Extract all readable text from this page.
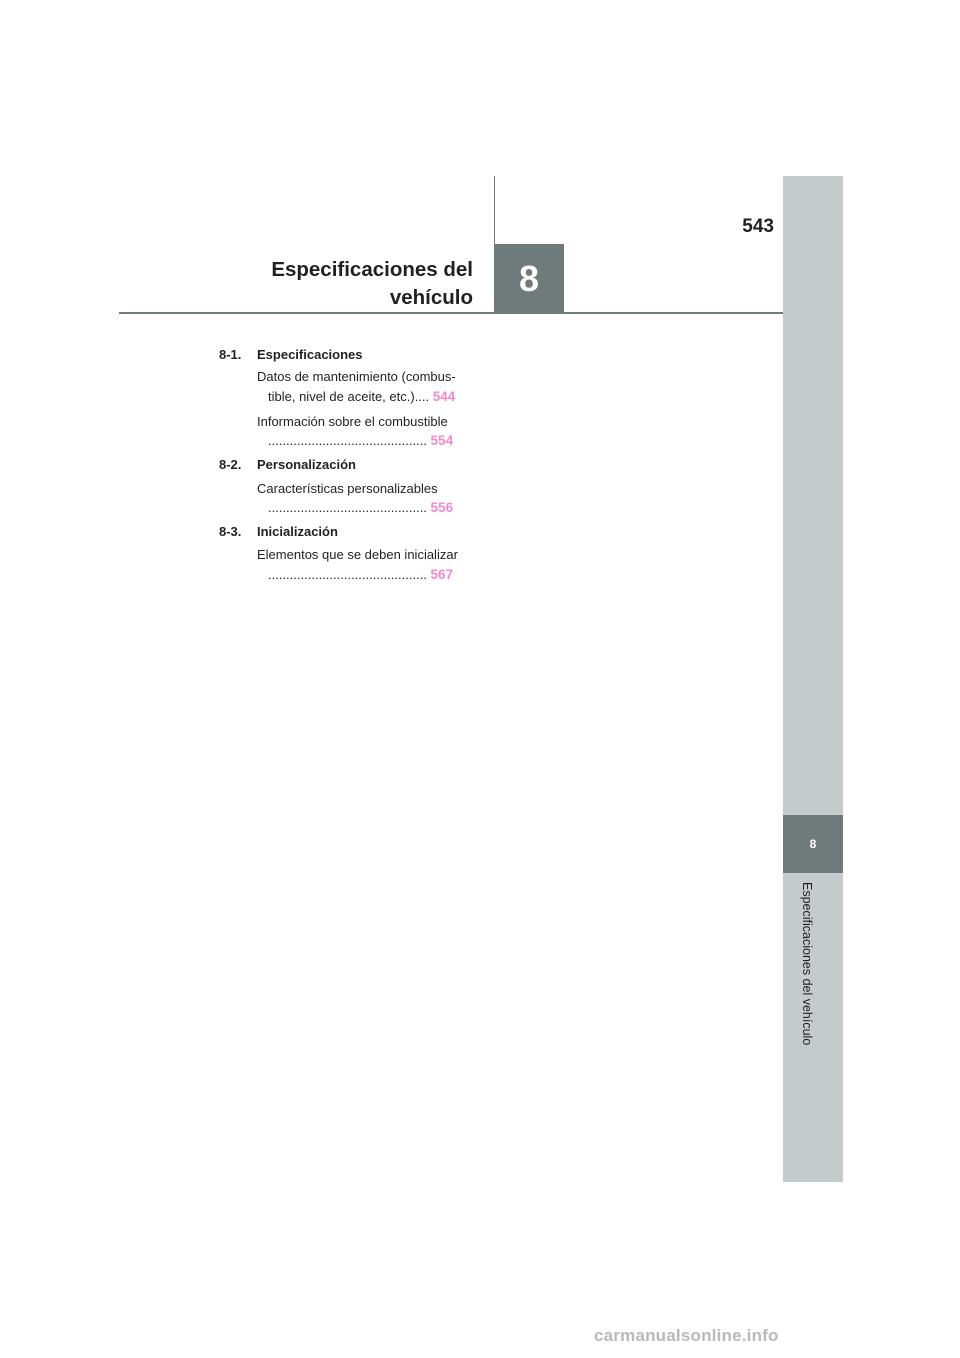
8
Especificaciones del vehículo
8
543
Especificaciones del
vehículo
8-1. Especificaciones
Datos de mantenimiento (combus-
tible, nivel de aceite, etc.).... 544
Información sobre el combustible
............................................ 554
8-2. Personalización
Características personalizables
............................................ 556
8-3. Inicialización
Elementos que se deben inicializar
............................................ 567
carmanualsonline.info
